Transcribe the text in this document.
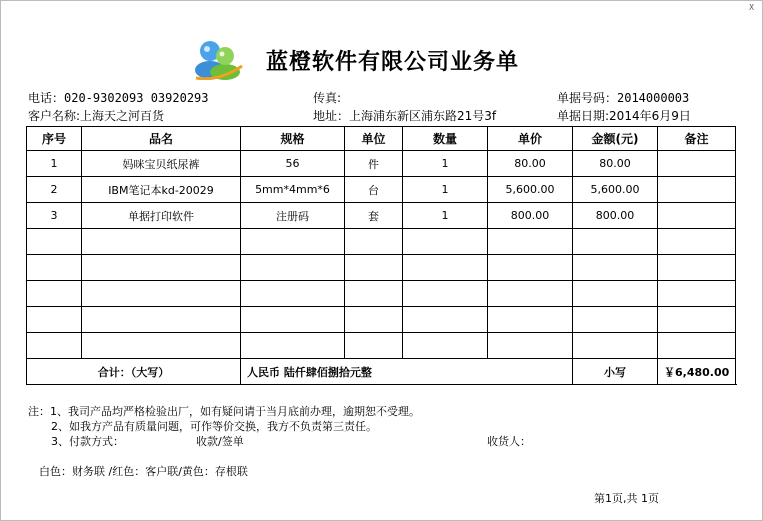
X
蓝橙软件有限公司业务单
电话：020-9302093 03920293	传真:	单据号码：2014000003
客户名称:上海天之河百货	地址：上海浦东新区浦东路21号3f	单据日期:2014年6月9日
序号	品名	规格	单位	数量	单价	金额(元)	备注
1	妈咪宝贝纸尿裤	56	件	1	80.00	80.00	
2	IBM笔记本kd-20029	5mm*4mm*6	台	1	5,600.00	5,600.00	
3	单据打印软件	注册码	套	1	800.00	800.00	

合计：（大写）		人民币 陆仟肆佰捌拾元整				小写	￥6,480.00
注：1、我司产品均严格检验出厂，如有疑问请于当月底前办理，逾期恕不受理。
2、如我方产品有质量问题，可作等价交换，我方不负责第三责任。
3、付款方式：	收款/签单	收货人：
白色：财务联 /红色：客户联/黄色：存根联
第1页,共 1页
